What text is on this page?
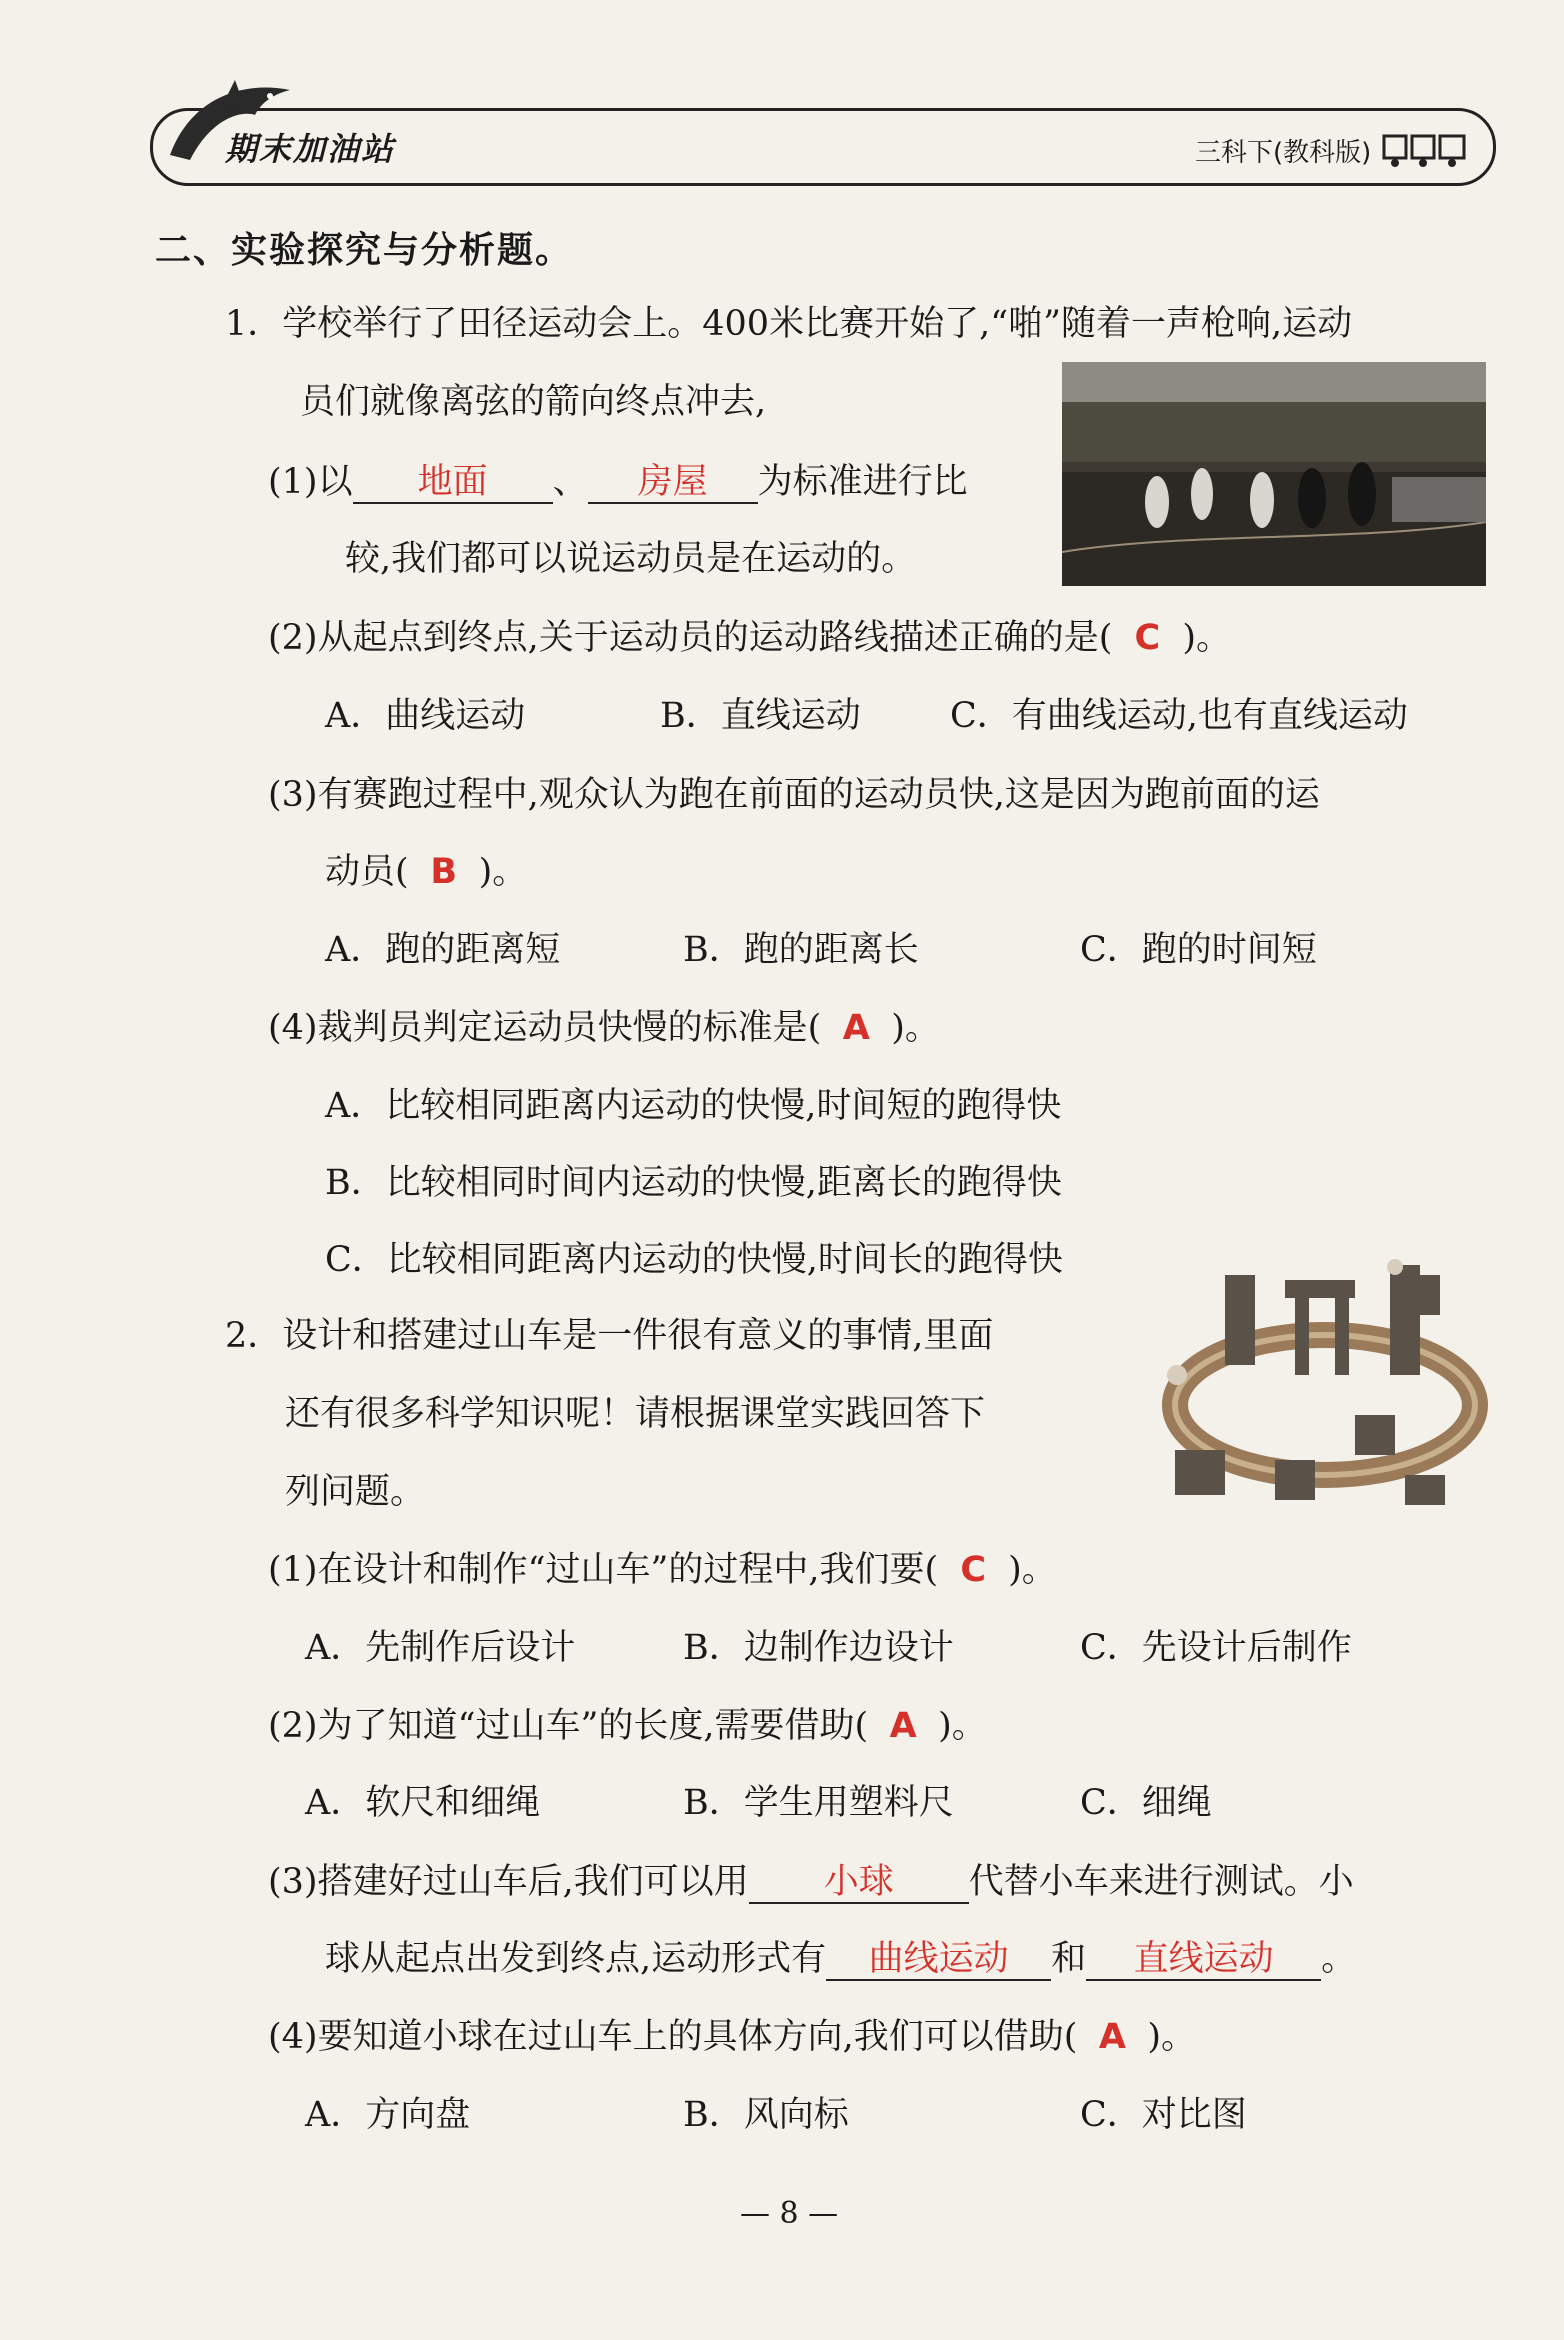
期末加油站	三科下(教科版)
二、实验探究与分析题。
1．学校举行了田径运动会上。400米比赛开始了,“啪”随着一声枪响,运动
员们就像离弦的箭向终点冲去,
(1)以 地面 、 房屋 为标准进行比
较,我们都可以说运动员是在运动的。
(2)从起点到终点,关于运动员的运动路线描述正确的是( C )。
A．曲线运动	B．直线运动	C．有曲线运动,也有直线运动
(3)有赛跑过程中,观众认为跑在前面的运动员快,这是因为跑前面的运
动员( B )。
A．跑的距离短	B．跑的距离长	C．跑的时间短
(4)裁判员判定运动员快慢的标准是( A )。
A．比较相同距离内运动的快慢,时间短的跑得快
B．比较相同时间内运动的快慢,距离长的跑得快
C．比较相同距离内运动的快慢,时间长的跑得快
2．设计和搭建过山车是一件很有意义的事情,里面
还有很多科学知识呢！请根据课堂实践回答下
列问题。
(1)在设计和制作“过山车”的过程中,我们要( C )。
A．先制作后设计	B．边制作边设计	C．先设计后制作
(2)为了知道“过山车”的长度,需要借助( A )。
A．软尺和细绳	B．学生用塑料尺	C．细绳
(3)搭建好过山车后,我们可以用 小球 代替小车来进行测试。小
球从起点出发到终点,运动形式有 曲线运动 和 直线运动 。
(4)要知道小球在过山车上的具体方向,我们可以借助( A )。
A．方向盘	B．风向标	C．对比图
— 8 —
